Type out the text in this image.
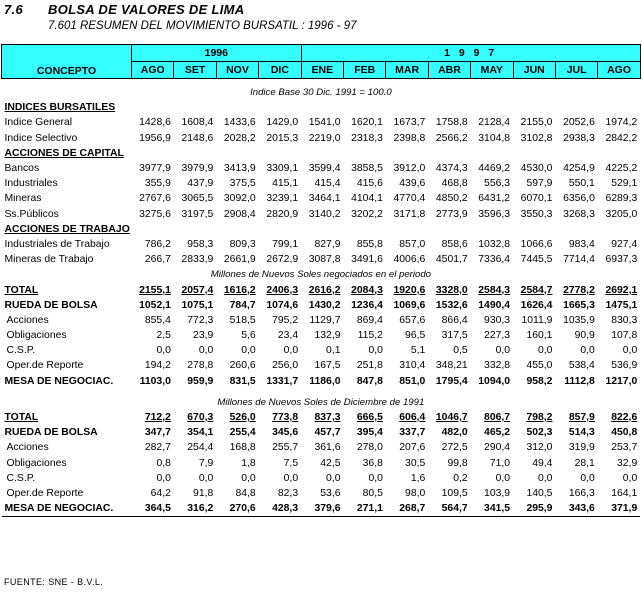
7.6 BOLSA DE VALORES DE LIMA
7.601 RESUMEN DEL MOVIMIENTO BURSATIL : 1996 - 97
CONCEPTO	1996				1 9 9 7							
	AGO	SET	NOV	DIC	ENE	FEB	MAR	ABR	MAY	JUN	JUL	AGO

Indice Base 30 Dic. 1991 = 100.0												
INDICES BURSATILES												
Indice General	1428,6	1608,4	1433,6	1429,0	1541,0	1620,1	1673,7	1758,8	2128,4	2155,0	2052,6	1974,2
Indice Selectivo	1956,9	2148,6	2028,2	2015,3	2219,0	2318,3	2398,8	2566,2	3104,8	3102,8	2938,3	2842,2
ACCIONES DE CAPITAL												
Bancos	3977,9	3979,9	3413,9	3309,1	3599,4	3858,5	3912,0	4374,3	4469,2	4530,0	4254,9	4225,2
Industriales	355,9	437,9	375,5	415,1	415,4	415,6	439,6	468,8	556,3	597,9	550,1	529,1
Mineras	2767,6	3065,5	3092,0	3239,1	3464,1	4104,1	4770,4	4850,2	6431,2	6070,1	6356,0	6289,3
Ss.Públicos	3275,6	3197,5	2908,4	2820,9	3140,2	3202,2	3171,8	2773,9	3596,3	3550,3	3268,3	3205,0
ACCIONES DE TRABAJO												
Industriales de Trabajo	786,2	958,3	809,3	799,1	827,9	855,8	857,0	858,6	1032,8	1066,6	983,4	927,4
Mineras de Trabajo	266,7	2833,9	2661,9	2672,9	3087,8	3491,6	4006,6	4501,7	7336,4	7445,5	7714,4	6937,3
Millones de Nuevos Soles negociados en el periodo												
TOTAL	2155,1	2057,4	1616,2	2406,3	2616,2	2084,3	1920,6	3328,0	2584,3	2584,7	2778,2	2692,1
RUEDA DE BOLSA	1052,1	1075,1	784,7	1074,6	1430,2	1236,4	1069,6	1532,6	1490,4	1626,4	1665,3	1475,1
Acciones	855,4	772,3	518,5	795,2	1129,7	869,4	657,6	866,4	930,3	1011,9	1035,9	830,3
Obligaciones	2,5	23,9	5,6	23,4	132,9	115,2	96,5	317,5	227,3	160,1	90,9	107,8
C.S.P.	0,0	0,0	0,0	0,0	0,1	0,0	5,1	0,5	0,0	0,0	0,0	0,0
Oper.de Reporte	194,2	278,8	260,6	256,0	167,5	251,8	310,4	348,21	332,8	455,0	538,4	536,9
MESA DE NEGOCIAC.	1103,0	959,9	831,5	1331,7	1186,0	847,8	851,0	1795,4	1094,0	958,2	1112,8	1217,0

Millones de Nuevos Soles de Diciembre de 1991												
TOTAL	712,2	670,3	526,0	773,8	837,3	666,5	606,4	1046,7	806,7	798,2	857,9	822,6
RUEDA DE BOLSA	347,7	354,1	255,4	345,6	457,7	395,4	337,7	482,0	465,2	502,3	514,3	450,8
Acciones	282,7	254,4	168,8	255,7	361,6	278,0	207,6	272,5	290,4	312,0	319,9	253,7
Obligaciones	0,8	7,9	1,8	7,5	42,5	36,8	30,5	99,8	71,0	49,4	28,1	32,9
C.S.P.	0,0	0,0	0,0	0,0	0,0	0,0	1,6	0,2	0,0	0,0	0,0	0,0
Oper.de Reporte	64,2	91,8	84,8	82,3	53,6	80,5	98,0	109,5	103,9	140,5	166,3	164,1
MESA DE NEGOCIAC.	364,5	316,2	270,6	428,3	379,6	271,1	268,7	564,7	341,5	295,9	343,6	371,9
FUENTE: SNE - B.V.L.
